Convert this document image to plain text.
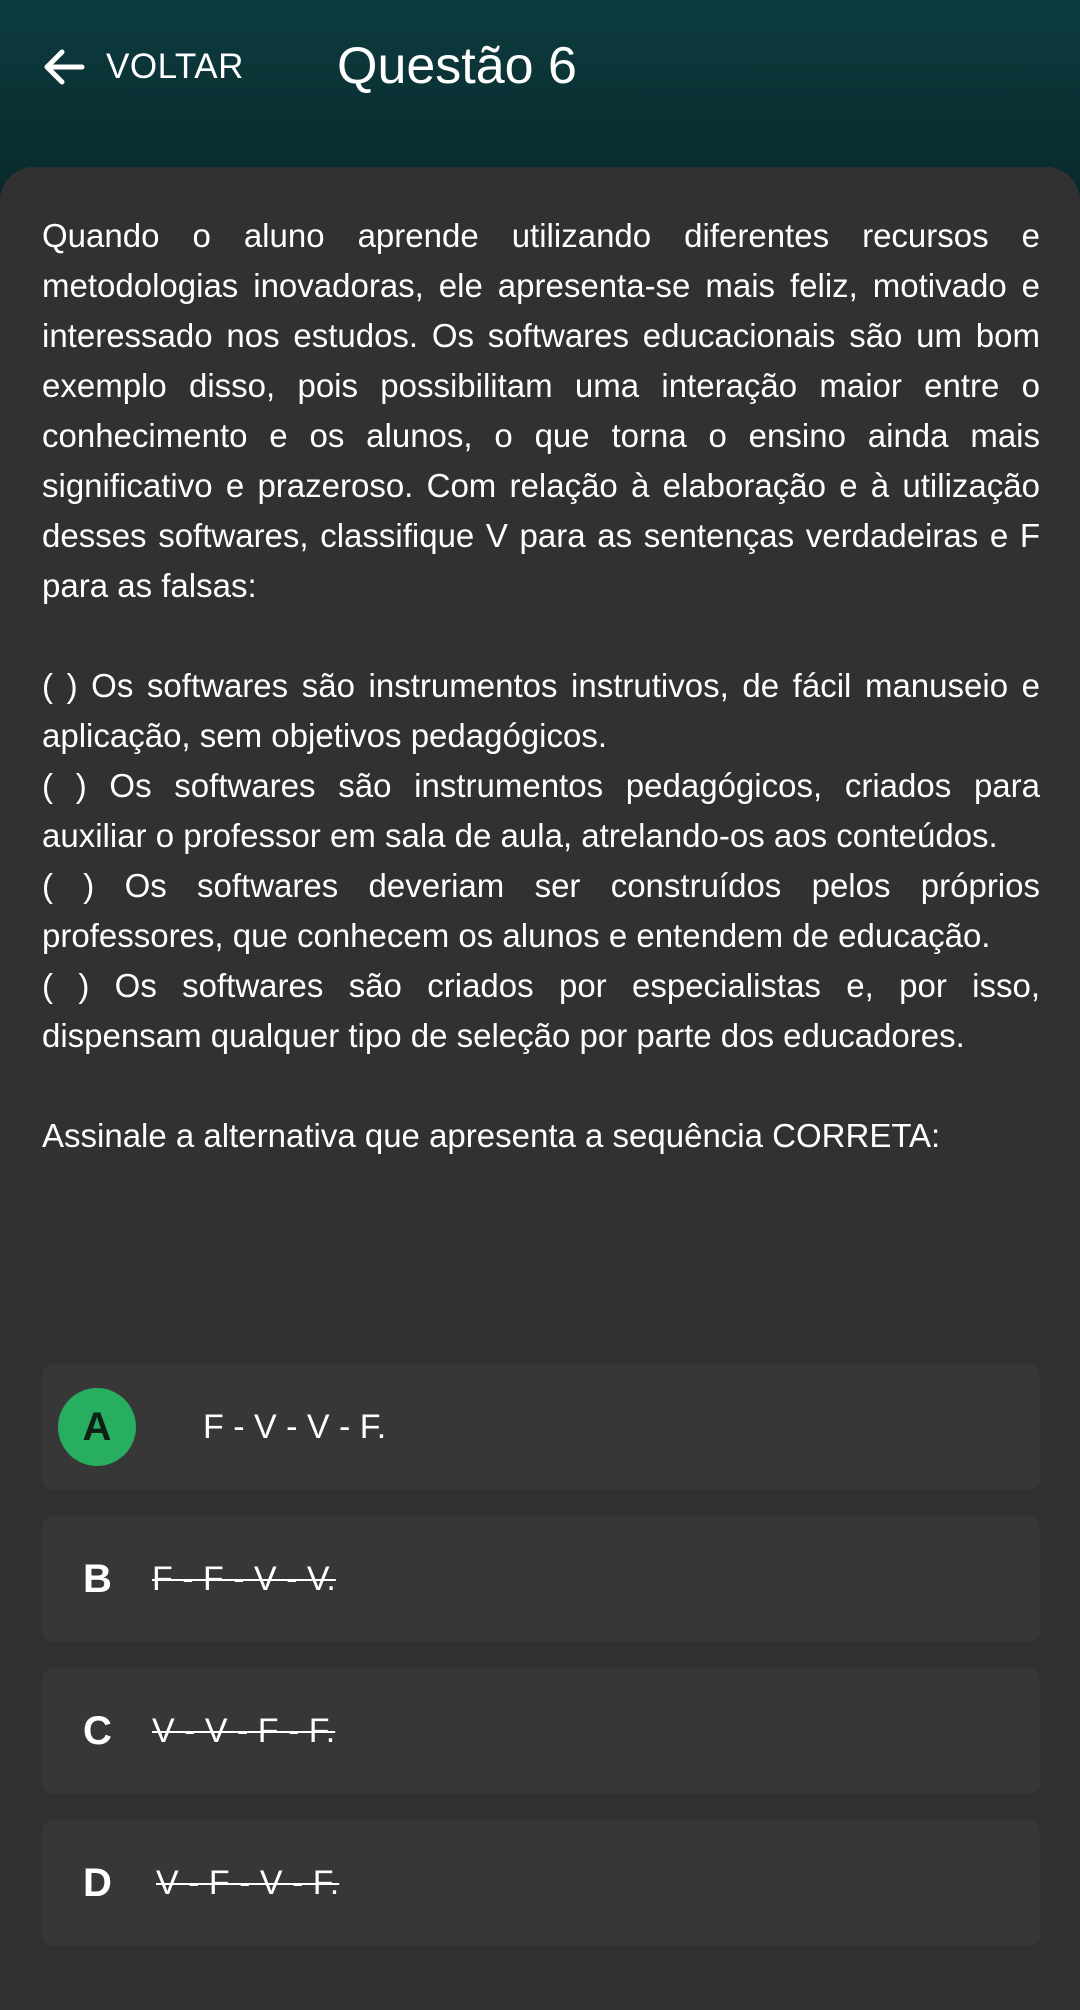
VOLTAR Questão 6

Quando o aluno aprende utilizando diferentes recursos e metodologias inovadoras, ele apresenta-se mais feliz, motivado e interessado nos estudos. Os softwares educacionais são um bom exemplo disso, pois possibilitam uma interação maior entre o conhecimento e os alunos, o que torna o ensino ainda mais significativo e prazeroso. Com relação à elaboração e à utilização desses softwares, classifique V para as sentenças verdadeiras e F para as falsas:

( ) Os softwares são instrumentos instrutivos, de fácil manuseio e aplicação, sem objetivos pedagógicos.

( ) Os softwares são instrumentos pedagógicos, criados para auxiliar o professor em sala de aula, atrelando-os aos conteúdos.

( ) Os softwares deveriam ser construídos pelos próprios professores, que conhecem os alunos e entendem de educação.

( ) Os softwares são criados por especialistas e, por isso, dispensam qualquer tipo de seleção por parte dos educadores.

Assinale a alternativa que apresenta a sequência CORRETA:

A	F - V - V - F.
B F - F - V - V.
C V - V - F - F.
D V - F - V - F.
